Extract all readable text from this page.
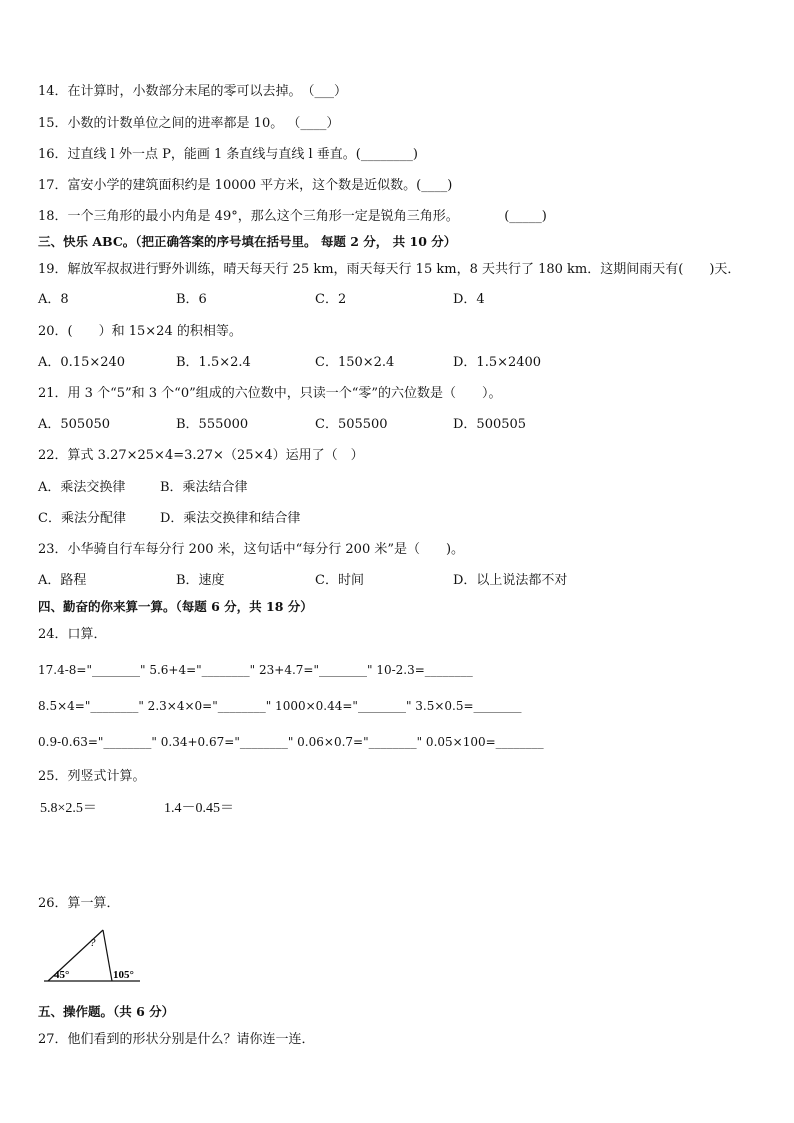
14．在计算时，小数部分末尾的零可以去掉。　（___）
15．小数的计数单位之间的进率都是 10。 （____）
16．过直线 l 外一点 P，能画 1 条直线与直线 l 垂直。(________)
17．富安小学的建筑面积约是 10000 平方米，这个数是近似数。(____)
18．一个三角形的最小内角是 49°，那么这个三角形一定是锐角三角形。　　　　(_____)
三、快乐 ABC。（把正确答案的序号填在括号里。 每题 2 分， 共 10 分）
19．解放军叔叔进行野外训练，晴天每天行 25 km，雨天每天行 15 km，8 天共行了 180 km．这期间雨天有(　　)天．
A．8	B．6	C．2	D．4
20．(　　）和 15×24 的积相等。
A．0.15×240	B．1.5×2.4	C．150×2.4	D．1.5×2400
21．用 3 个“5”和 3 个“0”组成的六位数中，只读一个“零”的六位数是（　　）。
A．505050	B．555000	C．505500	D．500505
22．算式 3.27×25×4=3.27×（25×4）运用了（　）
A．乘法交换律	B．乘法结合律
C．乘法分配律	D．乘法交换律和结合律
23．小华骑自行车每分行 200 米，这句话中“每分行 200 米”是（　　)。
A．路程	B．速度	C．时间	D．以上说法都不对
四、勤奋的你来算一算。（每题 6 分，共 18 分）
24．口算．
17.4-8="________" 5.6+4="________" 23+4.7="________" 10-2.3=________
8.5×4="________" 2.3×4×0="________" 1000×0.44="________" 3.5×0.5=________
0.9-0.63="________" 0.34+0.67="________" 0.06×0.7="________" 0.05×100=________
25．列竖式计算。
5.8×2.5＝	1.4－0.45＝
26．算一算．
?
45°	105°
五、操作题。（共 6 分）
27．他们看到的形状分别是什么？请你连一连．
